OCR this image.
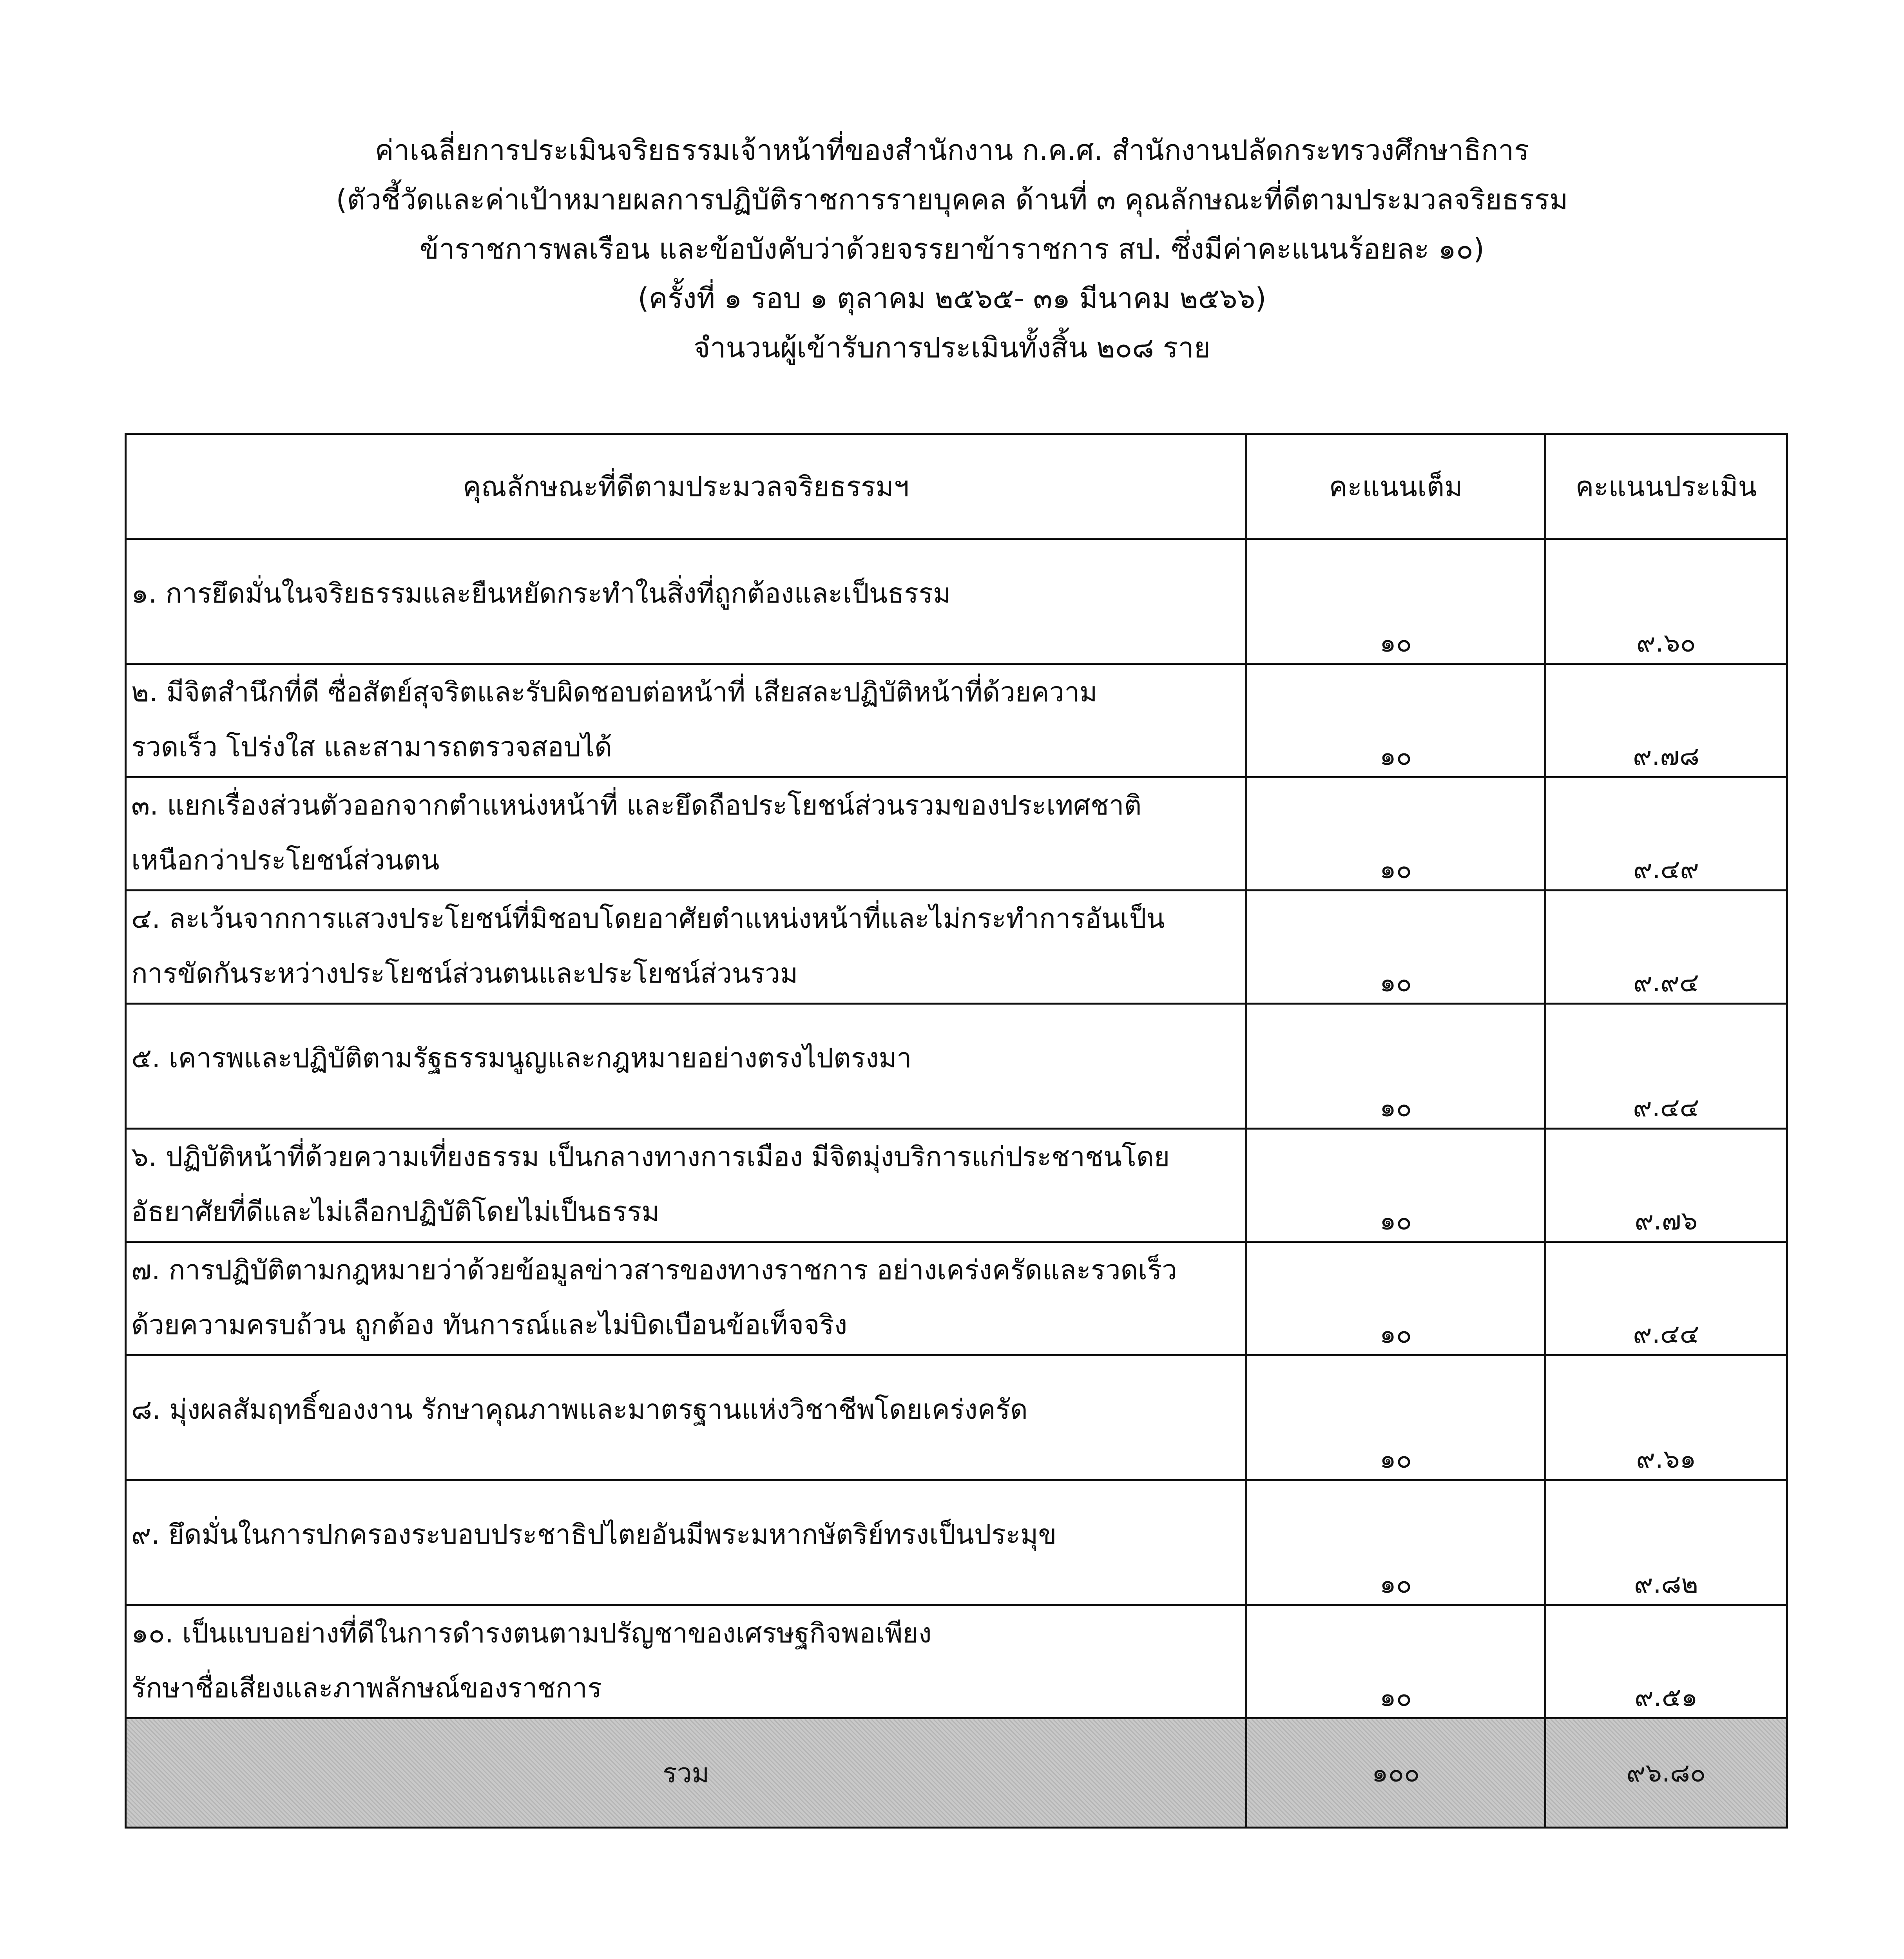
ค่าเฉลี่ยการประเมินจริยธรรมเจ้าหน้าที่ของสำนักงาน ก.ค.ศ. สำนักงานปลัดกระทรวงศึกษาธิการ
(ตัวชี้วัดและค่าเป้าหมายผลการปฏิบัติราชการรายบุคคล ด้านที่ ๓ คุณลักษณะที่ดีตามประมวลจริยธรรม
ข้าราชการพลเรือน และข้อบังคับว่าด้วยจรรยาข้าราชการ สป. ซึ่งมีค่าคะแนนร้อยละ ๑๐)
(ครั้งที่ ๑ รอบ ๑ ตุลาคม ๒๕๖๕- ๓๑ มีนาคม ๒๕๖๖)
จำนวนผู้เข้ารับการประเมินทั้งสิ้น ๒๐๘ ราย
คุณลักษณะที่ดีตามประมวลจริยธรรมฯ	คะแนนเต็ม	คะแนนประเมิน
๑. การยึดมั่นในจริยธรรมและยืนหยัดกระทำในสิ่งที่ถูกต้องและเป็นธรรม	๑๐	๙.๖๐
๒. มีจิตสำนึกที่ดี ซื่อสัตย์สุจริตและรับผิดชอบต่อหน้าที่ เสียสละปฏิบัติหน้าที่ด้วยความ
รวดเร็ว โปร่งใส และสามารถตรวจสอบได้	๑๐	๙.๗๘
๓. แยกเรื่องส่วนตัวออกจากตำแหน่งหน้าที่ และยึดถือประโยชน์ส่วนรวมของประเทศชาติ
เหนือกว่าประโยชน์ส่วนตน	๑๐	๙.๔๙
๔. ละเว้นจากการแสวงประโยชน์ที่มิชอบโดยอาศัยตำแหน่งหน้าที่และไม่กระทำการอันเป็น
การขัดกันระหว่างประโยชน์ส่วนตนและประโยชน์ส่วนรวม	๑๐	๙.๙๔
๕. เคารพและปฏิบัติตามรัฐธรรมนูญและกฎหมายอย่างตรงไปตรงมา	๑๐	๙.๔๔
๖. ปฏิบัติหน้าที่ด้วยความเที่ยงธรรม เป็นกลางทางการเมือง มีจิตมุ่งบริการแก่ประชาชนโดย
อัธยาศัยที่ดีและไม่เลือกปฏิบัติโดยไม่เป็นธรรม	๑๐	๙.๗๖
๗. การปฏิบัติตามกฎหมายว่าด้วยข้อมูลข่าวสารของทางราชการ อย่างเคร่งครัดและรวดเร็ว
ด้วยความครบถ้วน ถูกต้อง ทันการณ์และไม่บิดเบือนข้อเท็จจริง	๑๐	๙.๔๔
๘. มุ่งผลสัมฤทธิ์ของงาน รักษาคุณภาพและมาตรฐานแห่งวิชาชีพโดยเคร่งครัด	๑๐	๙.๖๑
๙. ยึดมั่นในการปกครองระบอบประชาธิปไตยอันมีพระมหากษัตริย์ทรงเป็นประมุข	๑๐	๙.๘๒
๑๐. เป็นแบบอย่างที่ดีในการดำรงตนตามปรัญชาของเศรษฐกิจพอเพียง
รักษาชื่อเสียงและภาพลักษณ์ของราชการ	๑๐	๙.๕๑
รวม	๑๐๐	๙๖.๘๐
